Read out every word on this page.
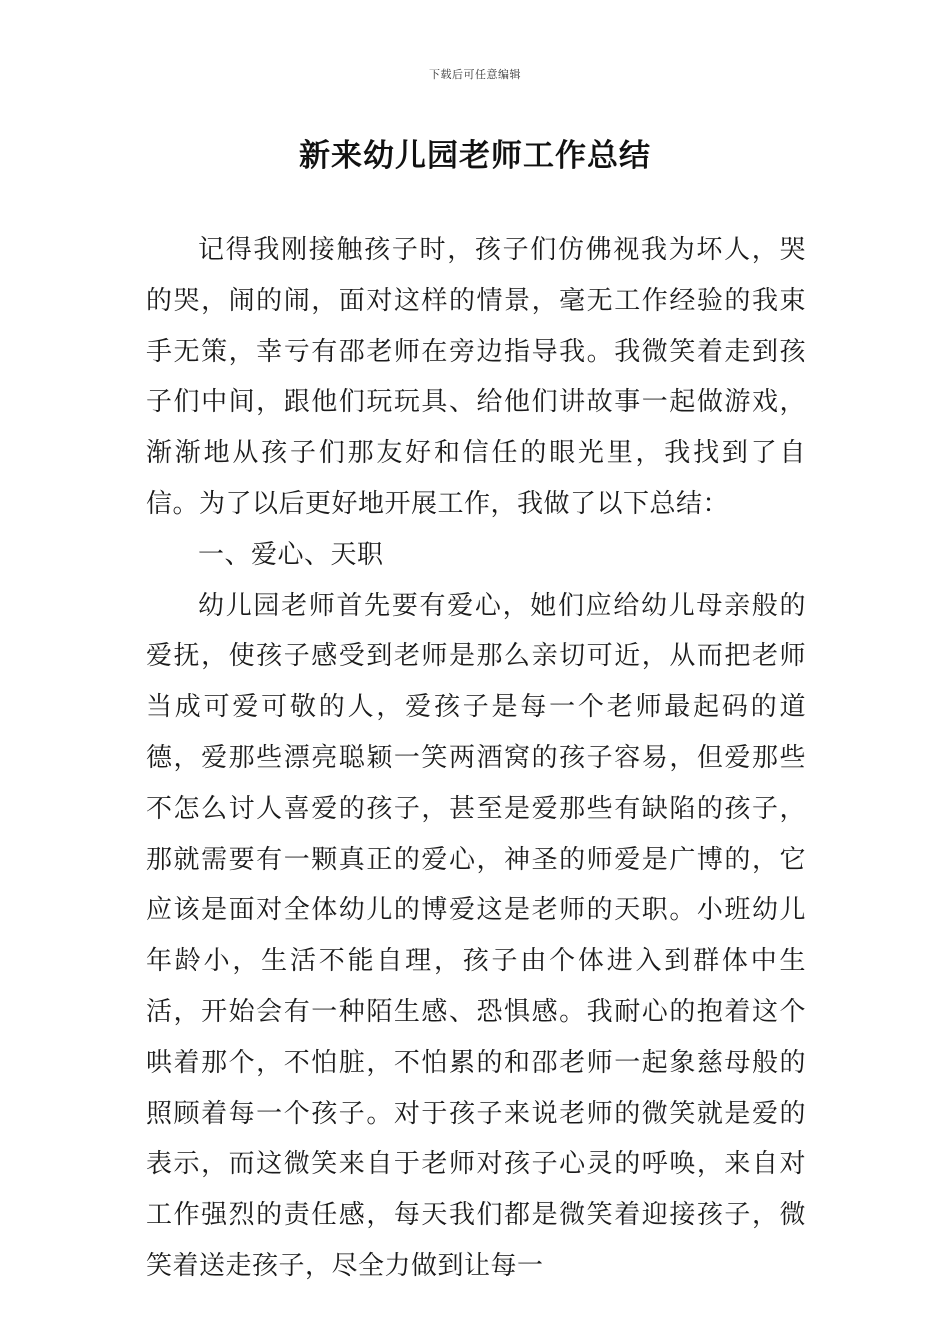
下载后可任意编辑
新来幼儿园老师工作总结

记得我刚接触孩子时，孩子们仿佛视我为坏人，哭的哭，闹的闹，面对这样的情景，毫无工作经验的我束手无策，幸亏有邵老师在旁边指导我。我微笑着走到孩子们中间，跟他们玩玩具、给他们讲故事一起做游戏，渐渐地从孩子们那友好和信任的眼光里，我找到了自信。为了以后更好地开展工作，我做了以下总结：

一、爱心、天职

幼儿园老师首先要有爱心，她们应给幼儿母亲般的爱抚，使孩子感受到老师是那么亲切可近，从而把老师当成可爱可敬的人，爱孩子是每一个老师最起码的道德，爱那些漂亮聪颖一笑两酒窝的孩子容易，但爱那些不怎么讨人喜爱的孩子，甚至是爱那些有缺陷的孩子，那就需要有一颗真正的爱心，神圣的师爱是广博的，它应该是面对全体幼儿的博爱这是老师的天职。小班幼儿年龄小，生活不能自理，孩子由个体进入到群体中生活，开始会有一种陌生感、恐惧感。我耐心的抱着这个哄着那个，不怕脏，不怕累的和邵老师一起象慈母般的照顾着每一个孩子。对于孩子来说老师的微笑就是爱的表示，而这微笑来自于老师对孩子心灵的呼唤，来自对工作强烈的责任感，每天我们都是微笑着迎接孩子，微笑着送走孩子，尽全力做到让每一
